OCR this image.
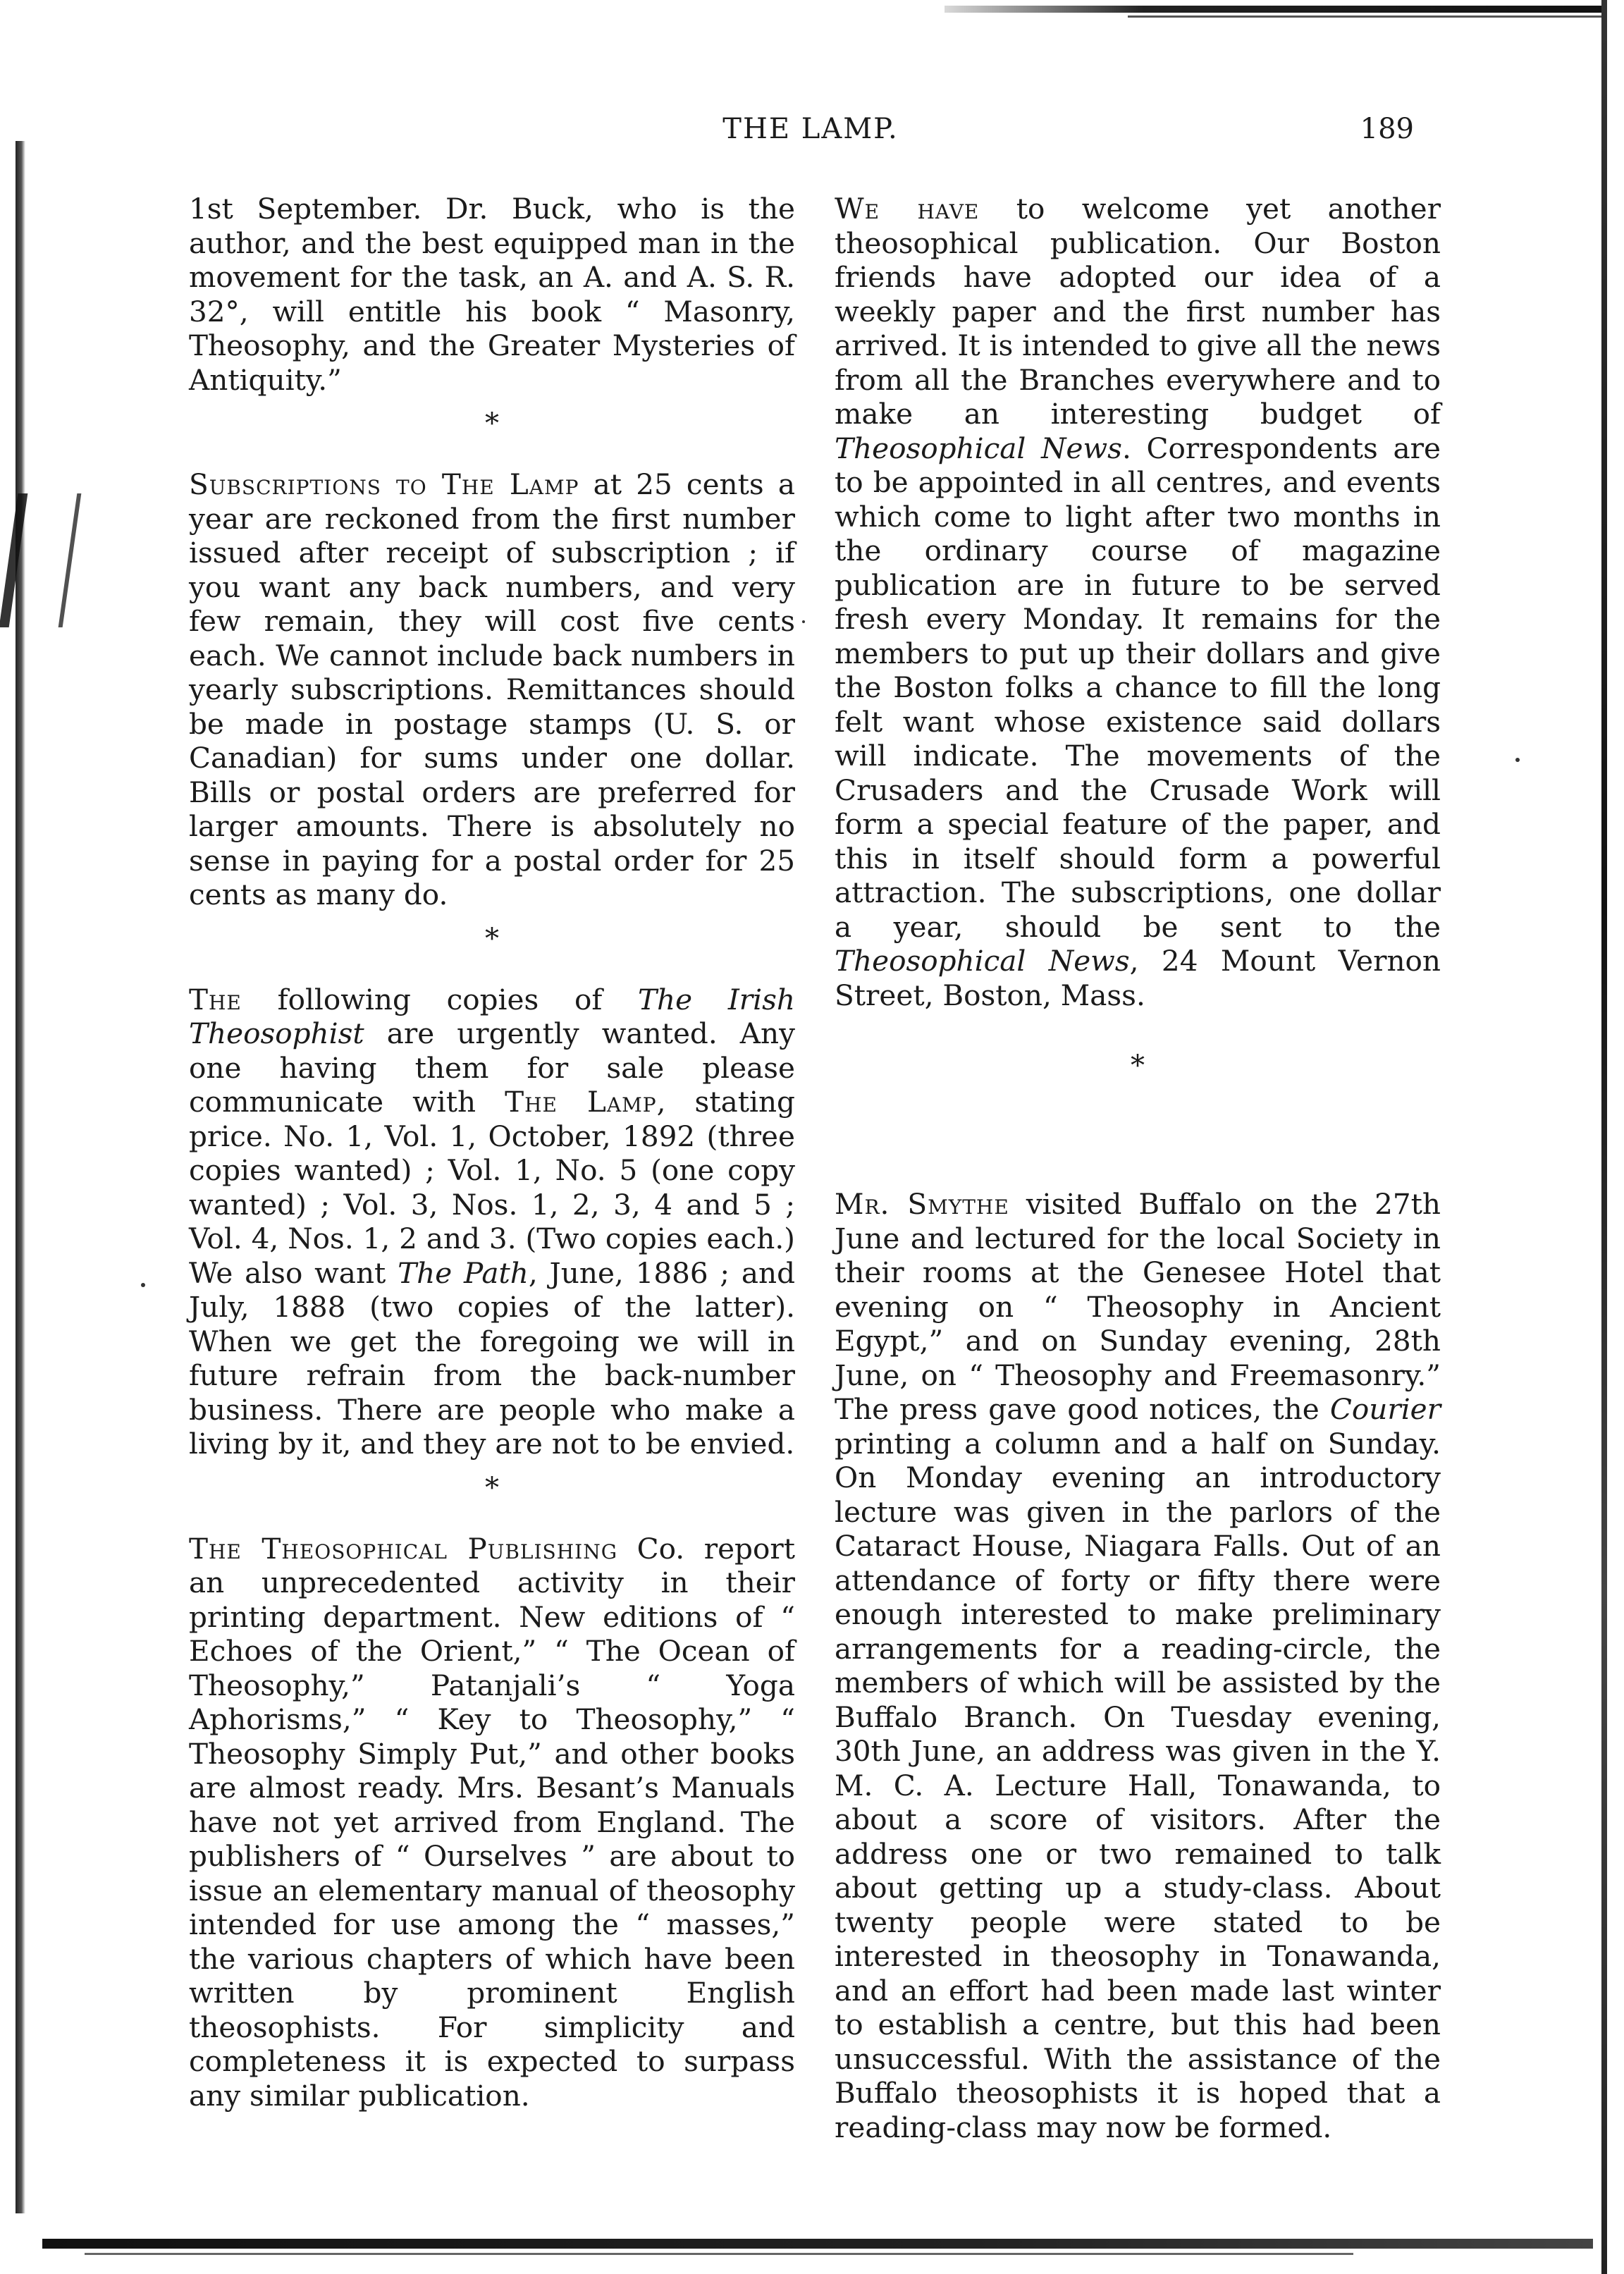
THE LAMP.	189

1st September. Dr. Buck, who is the author, and the best equipped man in the movement for the task, an A. and A. S. R. 32°, will entitle his book “ Masonry, Theosophy, and the Greater Mysteries of Antiquity.”

*

Subscriptions to The Lamp at 25 cents a year are reckoned from the first number issued after receipt of subscription ; if you want any back numbers, and very few remain, they will cost five cents each. We cannot include back numbers in yearly subscriptions. Remittances should be made in postage stamps (U. S. or Canadian) for sums under one dollar. Bills or postal orders are preferred for larger amounts. There is absolutely no sense in paying for a postal order for 25 cents as many do.

*

The following copies of The Irish Theosophist are urgently wanted. Any one having them for sale please communicate with The Lamp, stating price. No. 1, Vol. 1, October, 1892 (three copies wanted) ; Vol. 1, No. 5 (one copy wanted) ; Vol. 3, Nos. 1, 2, 3, 4 and 5 ; Vol. 4, Nos. 1, 2 and 3. (Two copies each.) We also want The Path, June, 1886 ; and July, 1888 (two copies of the latter). When we get the foregoing we will in future refrain from the back-number business. There are people who make a living by it, and they are not to be envied.

*

The Theosophical Publishing Co. report an unprecedented activity in their printing department. New editions of “ Echoes of the Orient,” “ The Ocean of Theosophy,” Patanjali’s “ Yoga Aphorisms,” “ Key to Theosophy,” “ Theosophy Simply Put,” and other books are almost ready. Mrs. Besant’s Manuals have not yet arrived from England. The publishers of “ Ourselves ” are about to issue an elementary manual of theosophy intended for use among the “ masses,” the various chapters of which have been written by prominent English theosophists. For simplicity and completeness it is expected to surpass any similar publication.

We have to welcome yet another theosophical publication. Our Boston friends have adopted our idea of a weekly paper and the first number has arrived. It is intended to give all the news from all the Branches everywhere and to make an interesting budget of Theosophical News. Correspondents are to be appointed in all centres, and events which come to light after two months in the ordinary course of magazine publication are in future to be served fresh every Monday. It remains for the members to put up their dollars and give the Boston folks a chance to fill the long felt want whose existence said dollars will indicate. The movements of the Crusaders and the Crusade Work will form a special feature of the paper, and this in itself should form a powerful attraction. The subscriptions, one dollar a year, should be sent to the Theosophical News, 24 Mount Vernon Street, Boston, Mass.

*

Mr. Smythe visited Buffalo on the 27th June and lectured for the local Society in their rooms at the Genesee Hotel that evening on “ Theosophy in Ancient Egypt,” and on Sunday evening, 28th June, on “ Theosophy and Freemasonry.” The press gave good notices, the Courier printing a column and a half on Sunday. On Monday evening an introductory lecture was given in the parlors of the Cataract House, Niagara Falls. Out of an attendance of forty or fifty there were enough interested to make preliminary arrangements for a reading-circle, the members of which will be assisted by the Buffalo Branch. On Tuesday evening, 30th June, an address was given in the Y. M. C. A. Lecture Hall, Tonawanda, to about a score of visitors. After the address one or two remained to talk about getting up a study-class. About twenty people were stated to be interested in theosophy in Tonawanda, and an effort had been made last winter to establish a centre, but this had been unsuccessful. With the assistance of the Buffalo theosophists it is hoped that a reading-class may now be formed.
